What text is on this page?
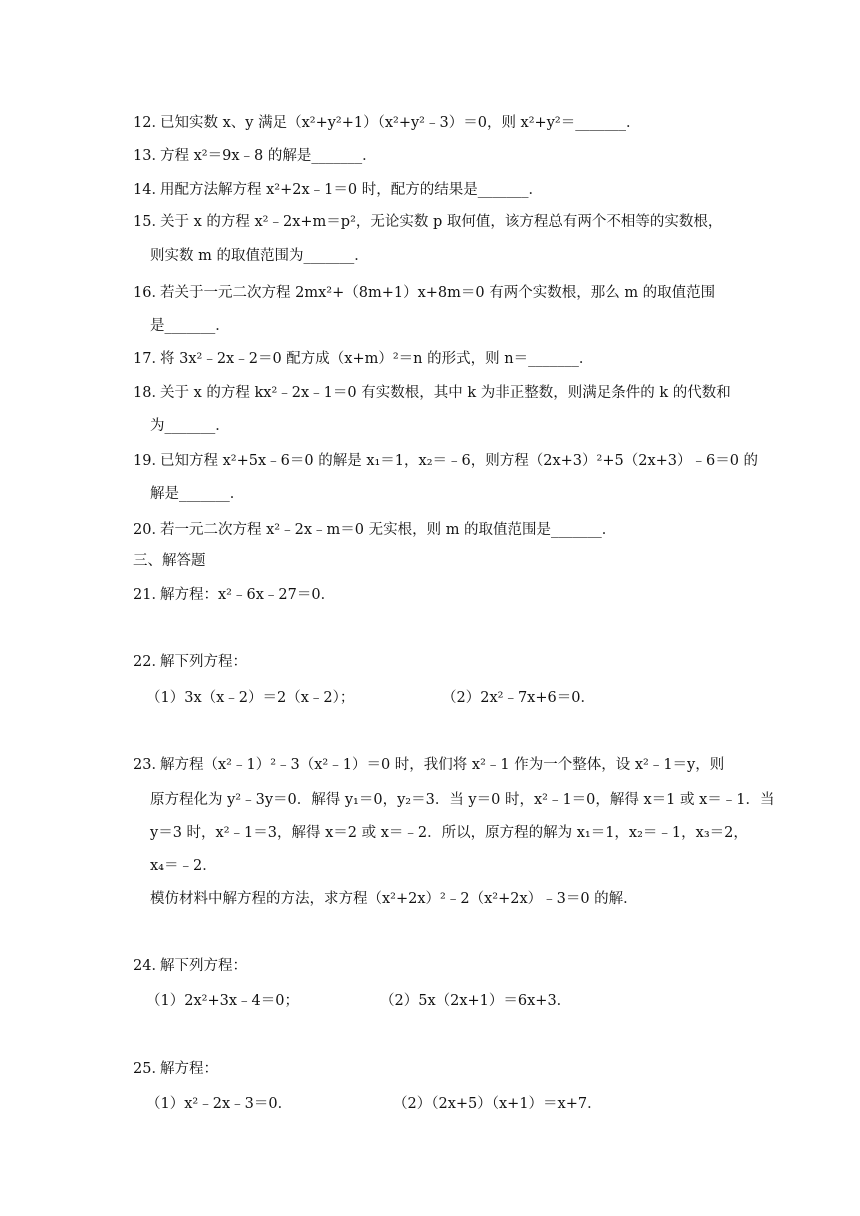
12．
已知实数 x、y 满足（x²+y²+1）（x²+y²﹣3）＝0，则 x²+y²＝_______．
13．
方程 x²＝9x﹣8 的解是_______．
14．
用配方法解方程 x²+2x﹣1＝0 时，配方的结果是_______．
15．
关于 x 的方程 x²﹣2x+m＝p²，无论实数 p 取何值，该方程总有两个不相等的实数根，
则实数 m 的取值范围为_______．
16．
若关于一元二次方程 2mx²+（8m+1）x+8m＝0 有两个实数根，那么 m 的取值范围
是_______．
17．
将 3x²﹣2x﹣2＝0 配方成（x+m）²＝n 的形式，则 n＝_______．
18．
关于 x 的方程 kx²﹣2x﹣1＝0 有实数根，其中 k 为非正整数，则满足条件的 k 的代数和
为_______．
19．
已知方程 x²+5x﹣6＝0 的解是 x₁＝1，x₂＝﹣6，则方程（2x+3）²+5（2x+3）﹣6＝0 的
解是_______．
20．
若一元二次方程 x²﹣2x﹣m＝0 无实根，则 m 的取值范围是_______．
三、解答题
21．
解方程：x²﹣6x﹣27＝0．
22．
解下列方程：
（1）3x（x﹣2）＝2（x﹣2）；	（2）2x²﹣7x+6＝0．
23．
解方程（x²﹣1）²﹣3（x²﹣1）＝0 时，我们将 x²﹣1 作为一个整体，设 x²﹣1＝y，则
原方程化为 y²﹣3y＝0．解得 y₁＝0，y₂＝3．当 y＝0 时，x²﹣1＝0，解得 x＝1 或 x＝﹣1．当
y＝3 时，x²﹣1＝3，解得 x＝2 或 x＝﹣2．所以，原方程的解为 x₁＝1，x₂＝﹣1，x₃＝2，
x₄＝﹣2．
模仿材料中解方程的方法，求方程（x²+2x）²﹣2（x²+2x）﹣3＝0 的解．
24．
解下列方程：
（1）2x²+3x﹣4＝0；	（2）5x（2x+1）＝6x+3．
25．
解方程：
（1）x²﹣2x﹣3＝0．	（2）（2x+5）（x+1）＝x+7．
